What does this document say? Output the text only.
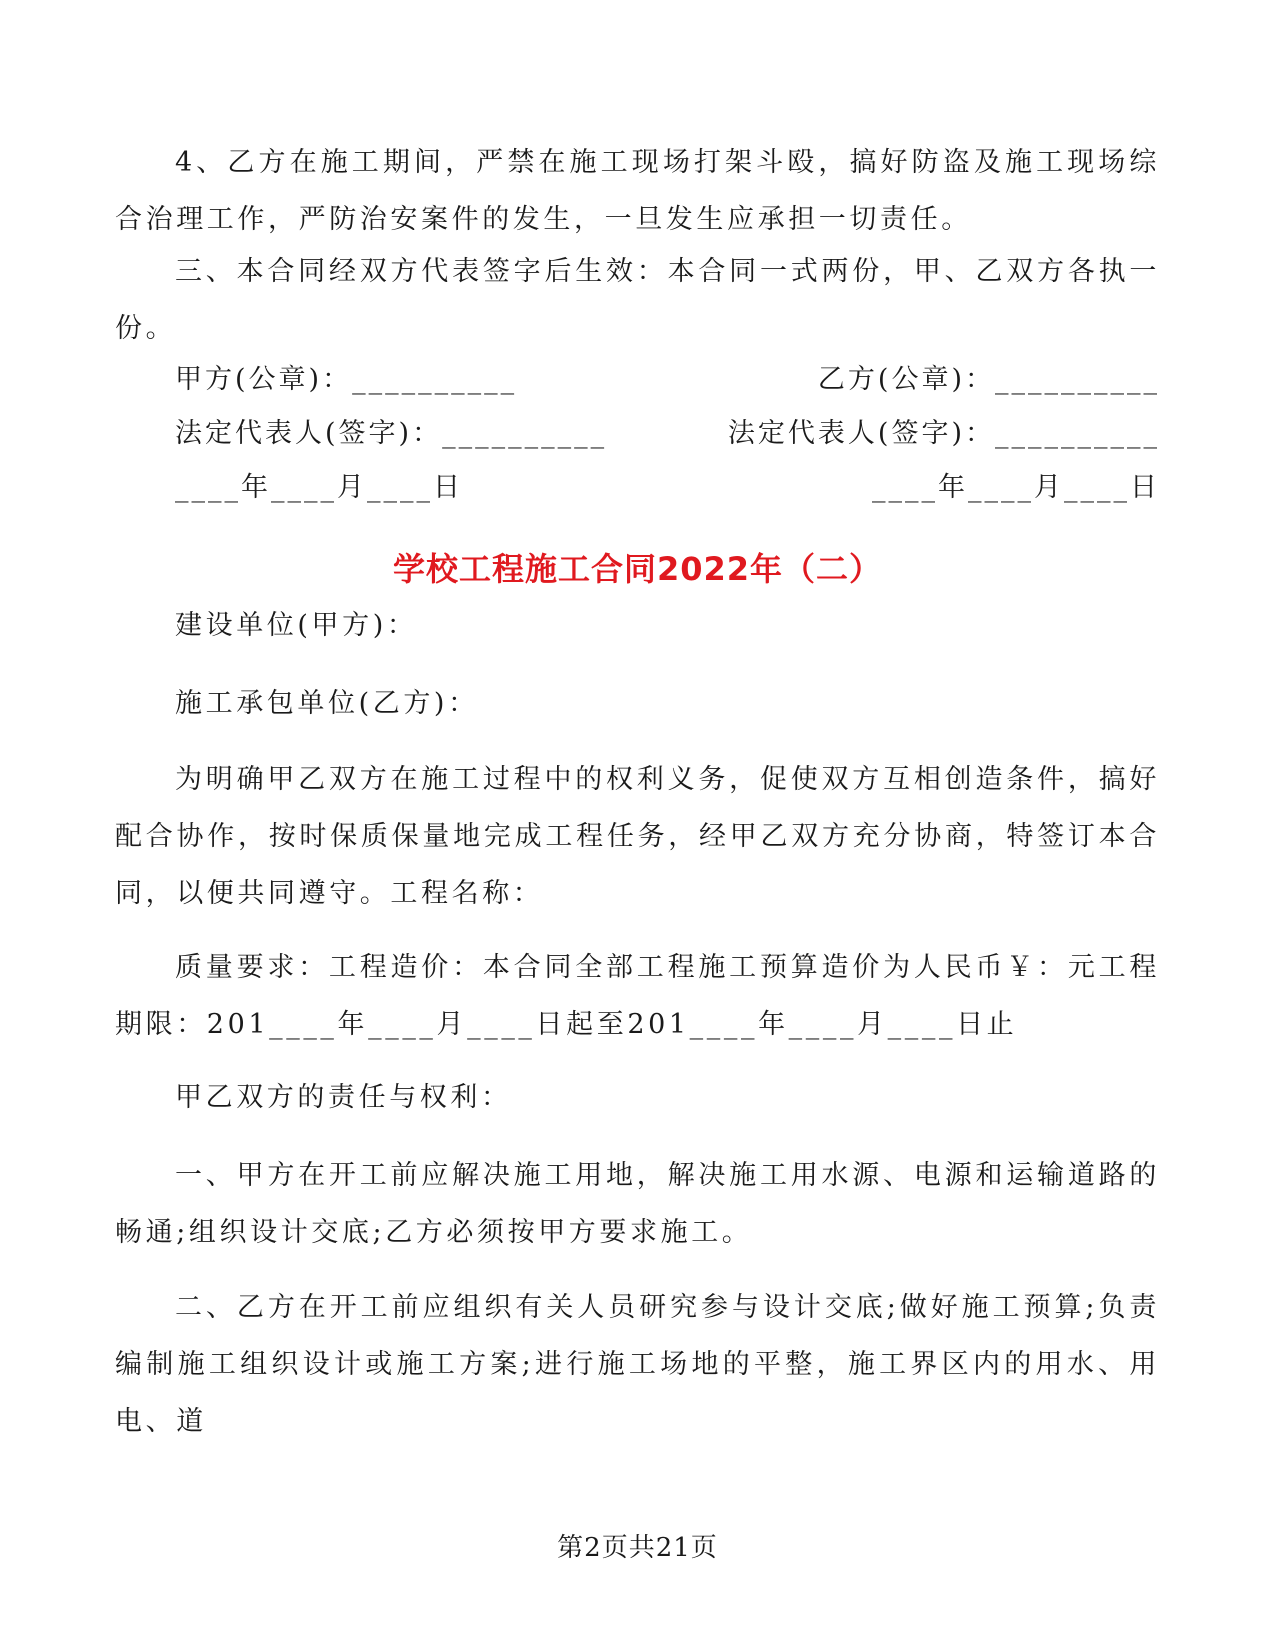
4、乙方在施工期间，严禁在施工现场打架斗殴，搞好防盗及施工现场综合治理工作，严防治安案件的发生，一旦发生应承担一切责任。

三、本合同经双方代表签字后生效：本合同一式两份，甲、乙双方各执一份。

甲方(公章)：__________	乙方(公章)：__________
法定代表人(签字)：__________	法定代表人(签字)：__________
____年____月____日	____年____月____日
学校工程施工合同2022年（二）

建设单位(甲方)：

施工承包单位(乙方)：

为明确甲乙双方在施工过程中的权利义务，促使双方互相创造条件，搞好配合协作，按时保质保量地完成工程任务，经甲乙双方充分协商，特签订本合同，以便共同遵守。工程名称：

质量要求：工程造价：本合同全部工程施工预算造价为人民币￥：元工程期限：201____年____月____日起至201____年____月____日止

甲乙双方的责任与权利：

一、甲方在开工前应解决施工用地，解决施工用水源、电源和运输道路的畅通;组织设计交底;乙方必须按甲方要求施工。

二、乙方在开工前应组织有关人员研究参与设计交底;做好施工预算;负责编制施工组织设计或施工方案;进行施工场地的平整，施工界区内的用水、用电、道

第2页共21页
